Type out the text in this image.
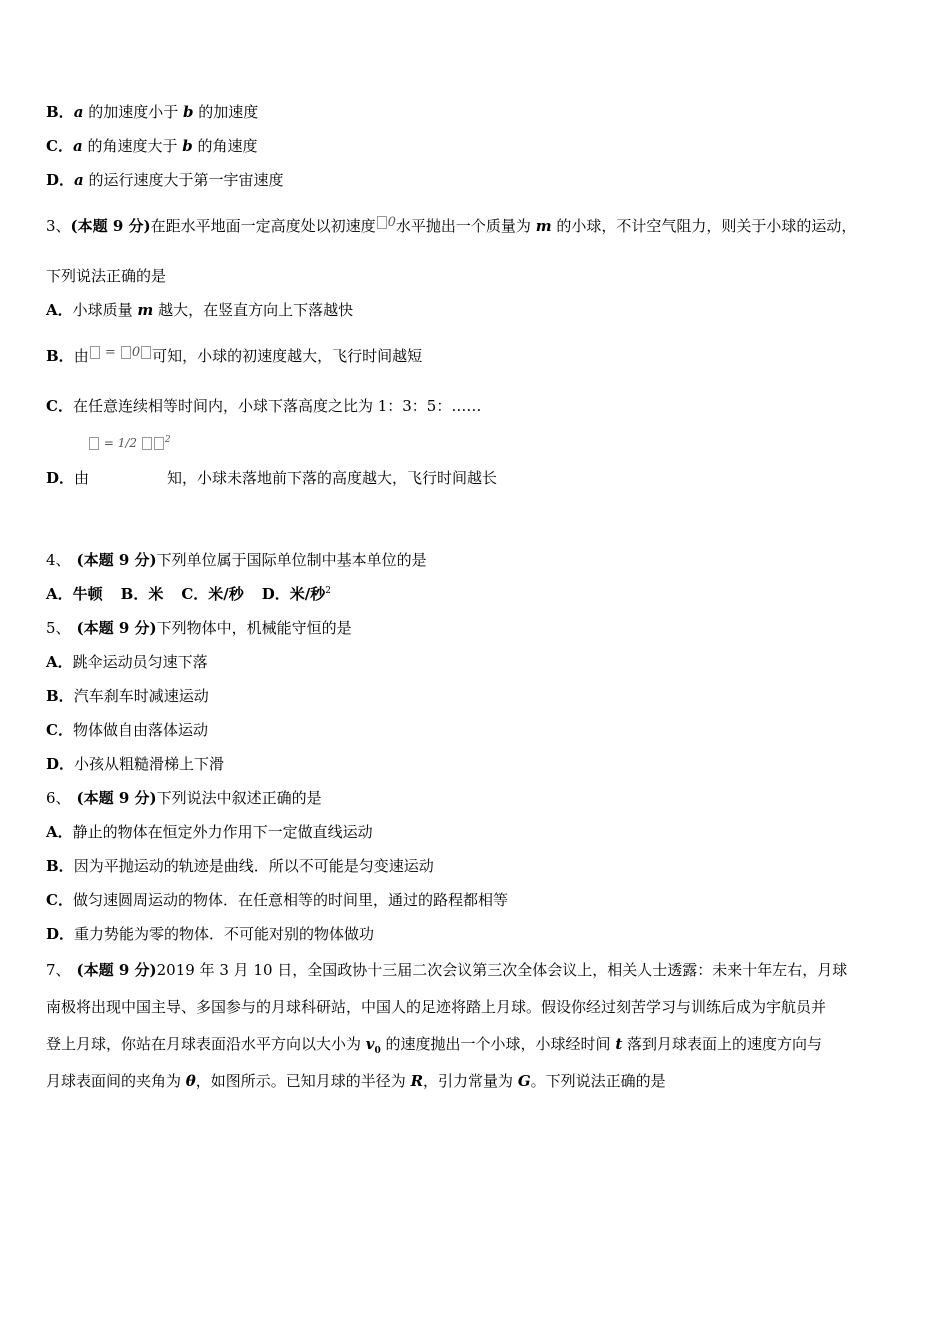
B．a 的加速度小于 b 的加速度
C．a 的角速度大于 b 的角速度
D．a 的运行速度大于第一宇宙速度
3、(本题 9 分)在距水平地面一定高度处以初速度 0水平抛出一个质量为 m 的小球，不计空气阻力，则关于小球的运动，
下列说法正确的是
A．小球质量 m 越大，在竖直方向上下落越快
B．由 = 0 可知，小球的初速度越大，飞行时间越短
C．在任意连续相等时间内，小球下落高度之比为 1：3：5：……
= 1/2	$^2$
D．由	知，小球未落地前下落的高度越大，飞行时间越长
4、 (本题 9 分)下列单位属于国际单位制中基本单位的是
A．牛顿 B．米 C．米/秒 D．米/秒$^2$
5、 (本题 9 分)下列物体中，机械能守恒的是
A．跳伞运动员匀速下落
B．汽车刹车时减速运动
C．物体做自由落体运动
D．小孩从粗糙滑梯上下滑
6、 (本题 9 分)下列说法中叙述正确的是
A．静止的物体在恒定外力作用下一定做直线运动
B．因为平抛运动的轨迹是曲线．所以不可能是匀变速运动
C．做匀速圆周运动的物体．在任意相等的时间里，通过的路程都相等
D．重力势能为零的物体．不可能对别的物体做功
7、 (本题 9 分)2019 年 3 月 10 日，全国政协十三届二次会议第三次全体会议上，相关人士透露：未来十年左右，月球
南极将出现中国主导、多国参与的月球科研站，中国人的足迹将踏上月球。假设你经过刻苦学习与训练后成为宇航员并
登上月球，你站在月球表面沿水平方向以大小为 $v_0$ 的速度抛出一个小球，小球经时间 t 落到月球表面上的速度方向与
月球表面间的夹角为 θ，如图所示。已知月球的半径为 R，引力常量为 G。下列说法正确的是
